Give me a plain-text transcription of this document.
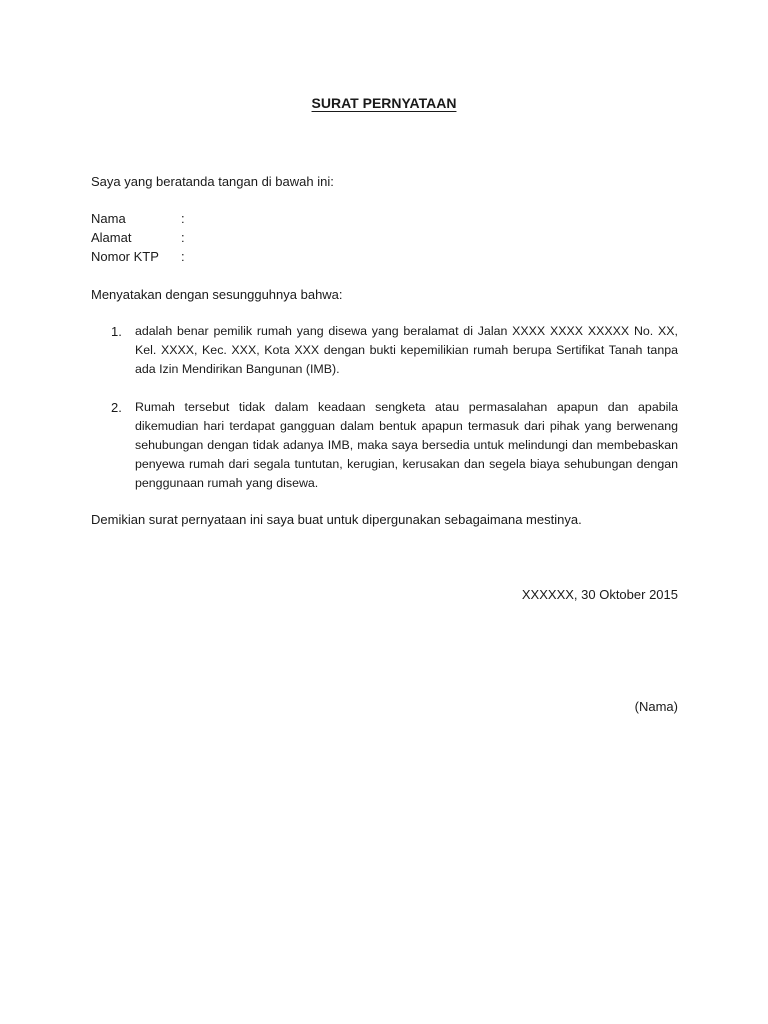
SURAT PERNYATAAN
Saya yang beratanda tangan di bawah ini:
Nama	:
Alamat	:
Nomor KTP	:
Menyatakan dengan sesungguhnya bahwa:
1.	adalah benar pemilik rumah yang disewa yang beralamat di Jalan XXXX XXXX XXXXX No. XX, Kel. XXXX, Kec. XXX, Kota XXX dengan bukti kepemilikian rumah berupa Sertifikat Tanah tanpa ada Izin Mendirikan Bangunan (IMB).
2.	Rumah tersebut tidak dalam keadaan sengketa atau permasalahan apapun dan apabila dikemudian hari terdapat gangguan dalam bentuk apapun termasuk dari pihak yang berwenang sehubungan dengan tidak adanya IMB, maka saya bersedia untuk melindungi dan membebaskan penyewa rumah dari segala tuntutan, kerugian, kerusakan dan segela biaya sehubungan dengan penggunaan rumah yang disewa.
Demikian surat pernyataan ini saya buat untuk dipergunakan sebagaimana mestinya.
XXXXXX, 30 Oktober 2015
(Nama)
